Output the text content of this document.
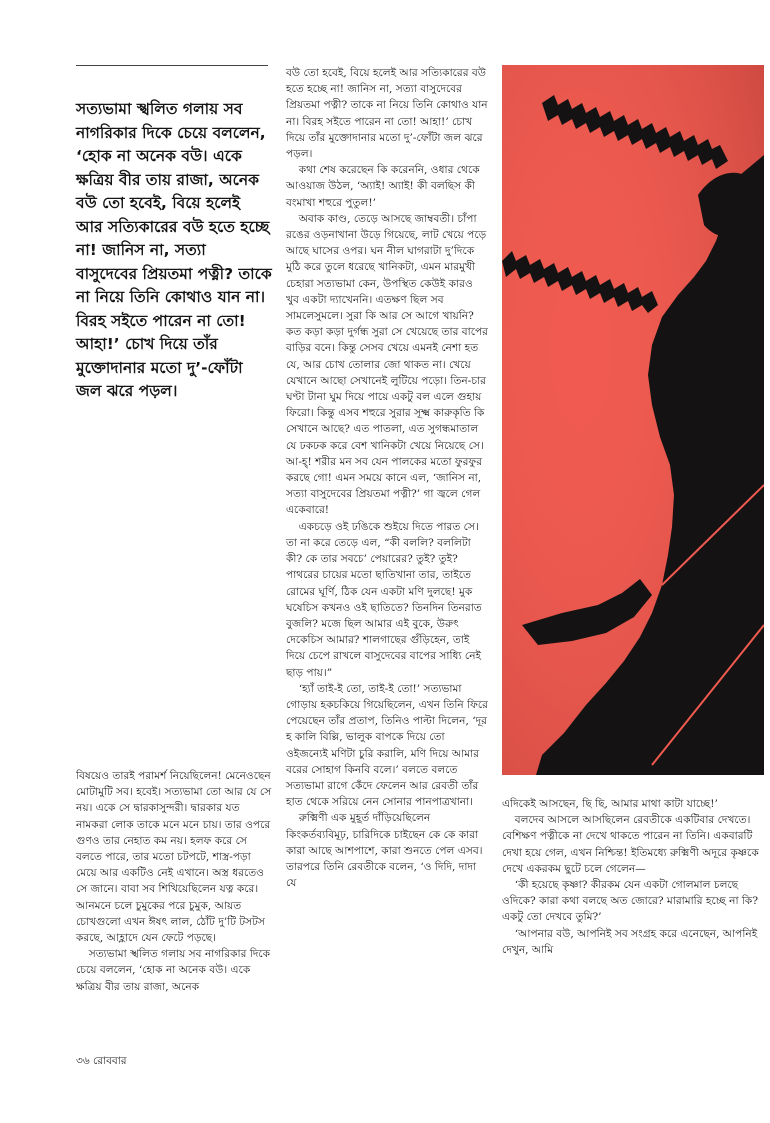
সত্যভামা স্খলিত গলায় সব নাগরিকার দিকে চেয়ে বললেন, ‘হোক না অনেক বউ। একে ক্ষত্রিয় বীর তায় রাজা, অনেক বউ তো হবেই, বিয়ে হলেই আর সত্যিকারের বউ হতে হচ্ছে না! জানিস না, সত্যা বাসুদেবের প্রিয়তমা পত্নী? তাকে না নিয়ে তিনি কোথাও যান না। বিরহ সইতে পারেন না তো! আহা!’ চোখ দিয়ে তাঁর মুক্তোদানার মতো দু’-ফোঁটা জল ঝরে পড়ল।

বিষয়েও তারই পরামর্শ নিয়েছিলেন! মেনেওছেন মোটামুটি সব। হবেই। সত্যভামা তো আর যে সে নয়। একে সে দ্বারকাসুন্দরী। দ্বারকার যত নামকরা লোক তাকে মনে মনে চায়। তার ওপরে গুণও তার নেহাত কম নয়। হলফ করে সে বলতে পারে, তার মতো চটপটে, শাস্ত্র-পড়া মেয়ে আর একটিও নেই এখানে। অস্ত্র ধরতেও সে জানে। বাবা সব শিখিয়েছিলেন যত্ন করে। আনমনে চলে চুমুকের পরে চুমুক, আয়ত চোখগুলো এখন ঈষৎ লাল, ঠোঁট দু’টি টসটস করছে, আহ্লাদে যেন ফেটে পড়ছে।

সত্যভামা স্খলিত গলায় সব নাগরিকার দিকে চেয়ে বললেন, ‘হোক না অনেক বউ। একে ক্ষত্রিয় বীর তায় রাজা, অনেক

বউ তো হবেই, বিয়ে হলেই আর সত্যিকারের বউ হতে হচ্ছে না! জানিস না, সত্যা বাসুদেবের প্রিয়তমা পত্নী? তাকে না নিয়ে তিনি কোথাও যান না। বিরহ সইতে পারেন না তো! আহা!’ চোখ দিয়ে তাঁর মুক্তোদানার মতো দু’-ফোঁটা জল ঝরে পড়ল।

কথা শেষ করেছেন কি করেননি, ওধার থেকে আওয়াজ উঠল, ‘অ্যাই! অ্যাই! কী বলছিস কী বংমাখা শহুরে পুতুল!’

অবাক কাণ্ড, তেড়ে আসছে জাম্ববতী। চাঁপা রঙের ওড়নাখানা উড়ে গিয়েছে, লাট খেয়ে পড়ে আছে ঘাসের ওপর। ঘন নীল ঘাগরাটা দু’দিকে মুঠি করে তুলে ধরেছে খানিকটা, এমন মারমুখী চেহারা সত্যভামা কেন, উপস্থিত কেউই কারও খুব একটা দ্যাখেননি। এতক্ষণ ছিল সব সামলেসুমলে। সুরা কি আর সে আগে খায়নি? কত কড়া কড়া দুর্গন্ধ সুরা সে খেয়েছে তার বাপের বাড়ির বনে। কিন্তু সেসব খেয়ে এমনই নেশা হত যে, আর চোখ তোলার জো থাকত না। খেয়ে যেখানে আছো সেখানেই লুটিয়ে পড়ো। তিন-চার ঘণ্টা টানা ঘুম দিয়ে পায়ে একটু বল এলে গুহায় ফিরো। কিন্তু এসব শহুরে সুরার সূক্ষ্ম কারুকৃতি কি সেখানে আছে? এত পাতলা, এত সুগন্ধমাতাল যে ঢকঢক করে বেশ খানিকটা খেয়ে নিয়েছে সে। আ-হ্! শরীর মন সব যেন পালকের মতো ফুরফুর করছে গো! এমন সময়ে কানে এল, ‘জানিস না, সত্যা বাসুদেবের প্রিয়তমা পত্নী?’ গা জ্বলে গেল একেবারে!

একচড়ে ওই ঢঙিকে শুইয়ে দিতে পারত সে। তা না করে তেড়ে এল, “কী বললি? বললিটা কী? কে তার সবচে’ পেয়ারের? তুই? তুই? পাথরের চায়ের মতো ছাতিখানা তার, তাইতে রোমের ঘূর্ণি, ঠিক যেন একটা মণি দুলছে! মুক ঘষেচিস কখনও ওই ছাতিতে? তিনদিন তিনরাত বুজলি? মজে ছিল আমার এই বুকে, উরুৎ দেকেচিস আমার? শালগাছের গুঁড়িহেন, তাই দিয়ে চেপে রাখলে বাসুদেবের বাপের সাধ্যি নেই ছাড় পায়।”

‘হ্যাঁ তাই-ই তো, তাই-ই তো!’ সত্যভামা গোড়ায় হকচকিয়ে গিয়েছিলেন, এখন তিনি ফিরে পেয়েছেন তাঁর প্রতাপ, তিনিও পাল্টা দিলেন, ‘দূর হ কালি বিল্লি, ভালুক বাপকে দিয়ে তো ওইজন্যেই মণিটা চুরি করালি, মণি দিয়ে আমার বরের সোহাগ কিনবি বলে।’ বলতে বলতে সত্যভামা রাগে কেঁদে ফেলেন আর রেবতী তাঁর হাত থেকে সরিয়ে নেন সোনার পানপাত্রখানা।

রুক্মিণী এক মুহূর্ত দাঁড়িয়েছিলেন কিংকর্তব্যবিমূঢ়, চারিদিকে চাইছেন কে কে কারা কারা আছে আশপাশে, কারা শুনতে পেল এসব। তারপরে তিনি রেবতীকে বলেন, ‘ও দিদি, দাদা যে

এদিকেই আসছেন, ছি ছি, আমার মাথা কাটা যাচ্ছে!’

বলদেব আসলে আসছিলেন রেবতীকে একটিবার দেখতে। বেশিক্ষণ পত্নীকে না দেখে থাকতে পারেন না তিনি। একবারটি দেখা হয়ে গেল, এখন নিশ্চিন্ত! ইতিমধ্যে রুক্মিণী অদূরে কৃষ্ণকে দেখে একরকম ছুটে চলে গেলেন—

‘কী হয়েছে কৃষ্ণা? কীরকম যেন একটা গোলমাল চলছে ওদিকে? কারা কথা বলছে অত জোরে? মারামারি হচ্ছে না কি? একটু তো দেখবে তুমি?’

‘আপনার বউ, আপনিই সব সংগ্রহ করে এনেছেন, আপনিই দেখুন, আমি

৩৬ রোববার
